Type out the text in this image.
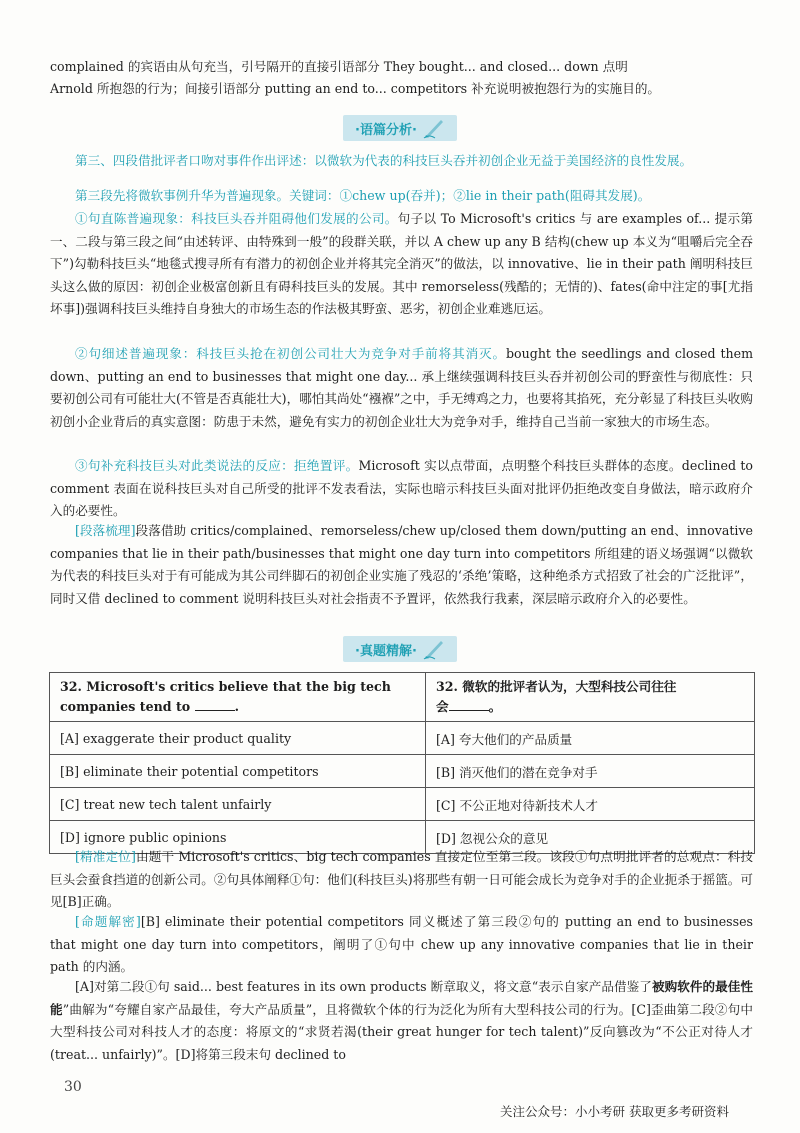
complained 的宾语由从句充当，引号隔开的直接引语部分 They bought... and closed... down 点明

Arnold 所抱怨的行为；间接引语部分 putting an end to... competitors 补充说明被抱怨行为的实施目的。

·语篇分析·

第三、四段借批评者口吻对事件作出评述：以微软为代表的科技巨头吞并初创企业无益于美国经济的良性发展。

第三段先将微软事例升华为普遍现象。关键词：①chew up(吞并)；②lie in their path(阻碍其发展)。

①句直陈普遍现象：科技巨头吞并阻碍他们发展的公司。句子以 To Microsoft's critics 与 are examples of... 提示第一、二段与第三段之间“由述转评、由特殊到一般”的段群关联，并以 A chew up any B 结构(chew up 本义为“咀嚼后完全吞下”)勾勒科技巨头“地毯式搜寻所有有潜力的初创企业并将其完全消灭”的做法，以 innovative、lie in their path 阐明科技巨头这么做的原因：初创企业极富创新且有碍科技巨头的发展。其中 remorseless(残酷的；无情的)、fates(命中注定的事[尤指坏事])强调科技巨头维持自身独大的市场生态的作法极其野蛮、恶劣，初创企业难逃厄运。

②句细述普遍现象：科技巨头抢在初创公司壮大为竞争对手前将其消灭。bought the seedlings and closed them down、putting an end to businesses that might one day... 承上继续强调科技巨头吞并初创公司的野蛮性与彻底性：只要初创公司有可能壮大(不管是否真能壮大)，哪怕其尚处“襁褓”之中，手无缚鸡之力，也要将其掐死，充分彰显了科技巨头收购初创小企业背后的真实意图：防患于未然，避免有实力的初创企业壮大为竞争对手，维持自己当前一家独大的市场生态。

③句补充科技巨头对此类说法的反应：拒绝置评。Microsoft 实以点带面，点明整个科技巨头群体的态度。declined to comment 表面在说科技巨头对自己所受的批评不发表看法，实际也暗示科技巨头面对批评仍拒绝改变自身做法，暗示政府介入的必要性。

[段落梳理]段落借助 critics/complained、remorseless/chew up/closed them down/putting an end、innovative companies that lie in their path/businesses that might one day turn into competitors 所组建的语义场强调“以微软为代表的科技巨头对于有可能成为其公司绊脚石的初创企业实施了残忍的‘杀绝’策略，这种绝杀方式招致了社会的广泛批评”，同时又借 declined to comment 说明科技巨头对社会指责不予置评，依然我行我素，深层暗示政府介入的必要性。

·真题精解·
32. Microsoft's critics believe that the big tech
companies tend to .	32. 微软的批评者认为，大型科技公司往往
会 。
[A] exaggerate their product quality	[A] 夸大他们的产品质量
[B] eliminate their potential competitors	[B] 消灭他们的潜在竞争对手
[C] treat new tech talent unfairly	[C] 不公正地对待新技术人才
[D] ignore public opinions	[D] 忽视公众的意见

[精准定位]由题干 Microsoft's critics、big tech companies 直接定位至第三段。该段①句点明批评者的总观点：科技巨头会蚕食挡道的创新公司。②句具体阐释①句：他们(科技巨头)将那些有朝一日可能会成长为竞争对手的企业扼杀于摇篮。可见[B]正确。

[命题解密][B] eliminate their potential competitors 同义概述了第三段②句的 putting an end to businesses that might one day turn into competitors，阐明了①句中 chew up any innovative companies that lie in their path 的内涵。

[A]对第二段①句 said... best features in its own products 断章取义，将文意“表示自家产品借鉴了被购软件的最佳性能”曲解为“夸耀自家产品最佳，夸大产品质量”，且将微软个体的行为泛化为所有大型科技公司的行为。[C]歪曲第二段②句中大型科技公司对科技人才的态度：将原文的“求贤若渴(their great hunger for tech talent)”反向篡改为“不公正对待人才(treat... unfairly)”。[D]将第三段末句 declined to

30
关注公众号：小小考研 获取更多考研资料
